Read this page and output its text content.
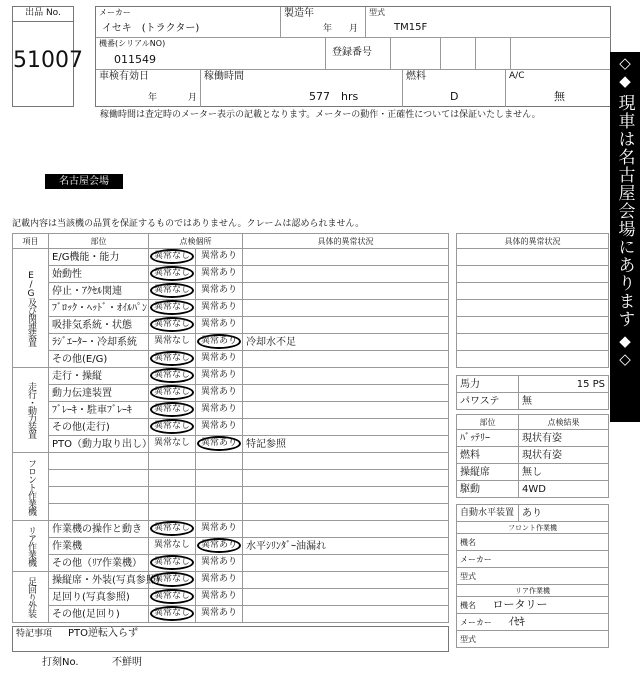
出品 No.
51007
メーカー
イセキ　(トラクター)
製造年
年 月
型式
TM15F
機番(シリアルNO)
011549
登録番号
車検有効日
年	月
稼働時間
577　hrs
燃料
D
A/C
無
稼働時間は査定時のメーター表示の記載となります。メーターの動作・正確性については保証いたしません。
◇◆
現車は名古屋会場にあります
◆◇
名古屋会場
記載内容は当該機の品質を保証するものではありません。クレームは認められません。
項目	部位	点検個所		具体的異常状況
E/G及び関連装置	E/G機能・能力	異常なし	異常あり	
	始動性	異常なし	異常あり	
	停止・ｱｸｾﾙ関連	異常なし	異常あり	
	ﾌﾞﾛｯｸ・ﾍｯﾄﾞ・ｵｲﾙﾊﾟﾝ	異常なし	異常あり	
	吸排気系統・状態	異常なし	異常あり	
	ﾗｼﾞｴｰﾀｰ・冷却系統	異常なし	異常あり	冷却水不足
	その他(E/G)	異常なし	異常あり	
走行・動力装置	走行・操縦	異常なし	異常あり	
	動力伝達装置	異常なし	異常あり	
	ﾌﾞﾚｰｷ・駐車ﾌﾞﾚｰｷ	異常なし	異常あり	
	その他(走行)	異常なし	異常あり	
	PTO（動力取り出し）	異常なし	異常あり	特記参照
フロント作業機				

リア作業機	作業機の操作と動き	異常なし	異常あり	
	作業機	異常なし	異常あり	水平ｼﾘﾝﾀﾞｰ油漏れ
	その他（ﾘｱ作業機）	異常なし	異常あり	
足回り外装	操縦席・外装(写真参照)	異常なし	異常あり	
	足回り(写真参照)	異常なし	異常あり	
	その他(足回り)	異常なし	異常あり	
特記事項 PTO逆転入らず
打刻No.	不鮮明
具体的異常状況

馬力	15 PS
パワステ	無
部位	点検結果
ﾊﾞｯﾃﾘｰ	現状有姿
燃料	現状有姿
操縦席	無し
駆動	4WD
自動水平装置	あり
フロント作業機
機名
メーカー
型式
リア作業機
機名 ロータリー
メーカー ｲｾｷ
型式
